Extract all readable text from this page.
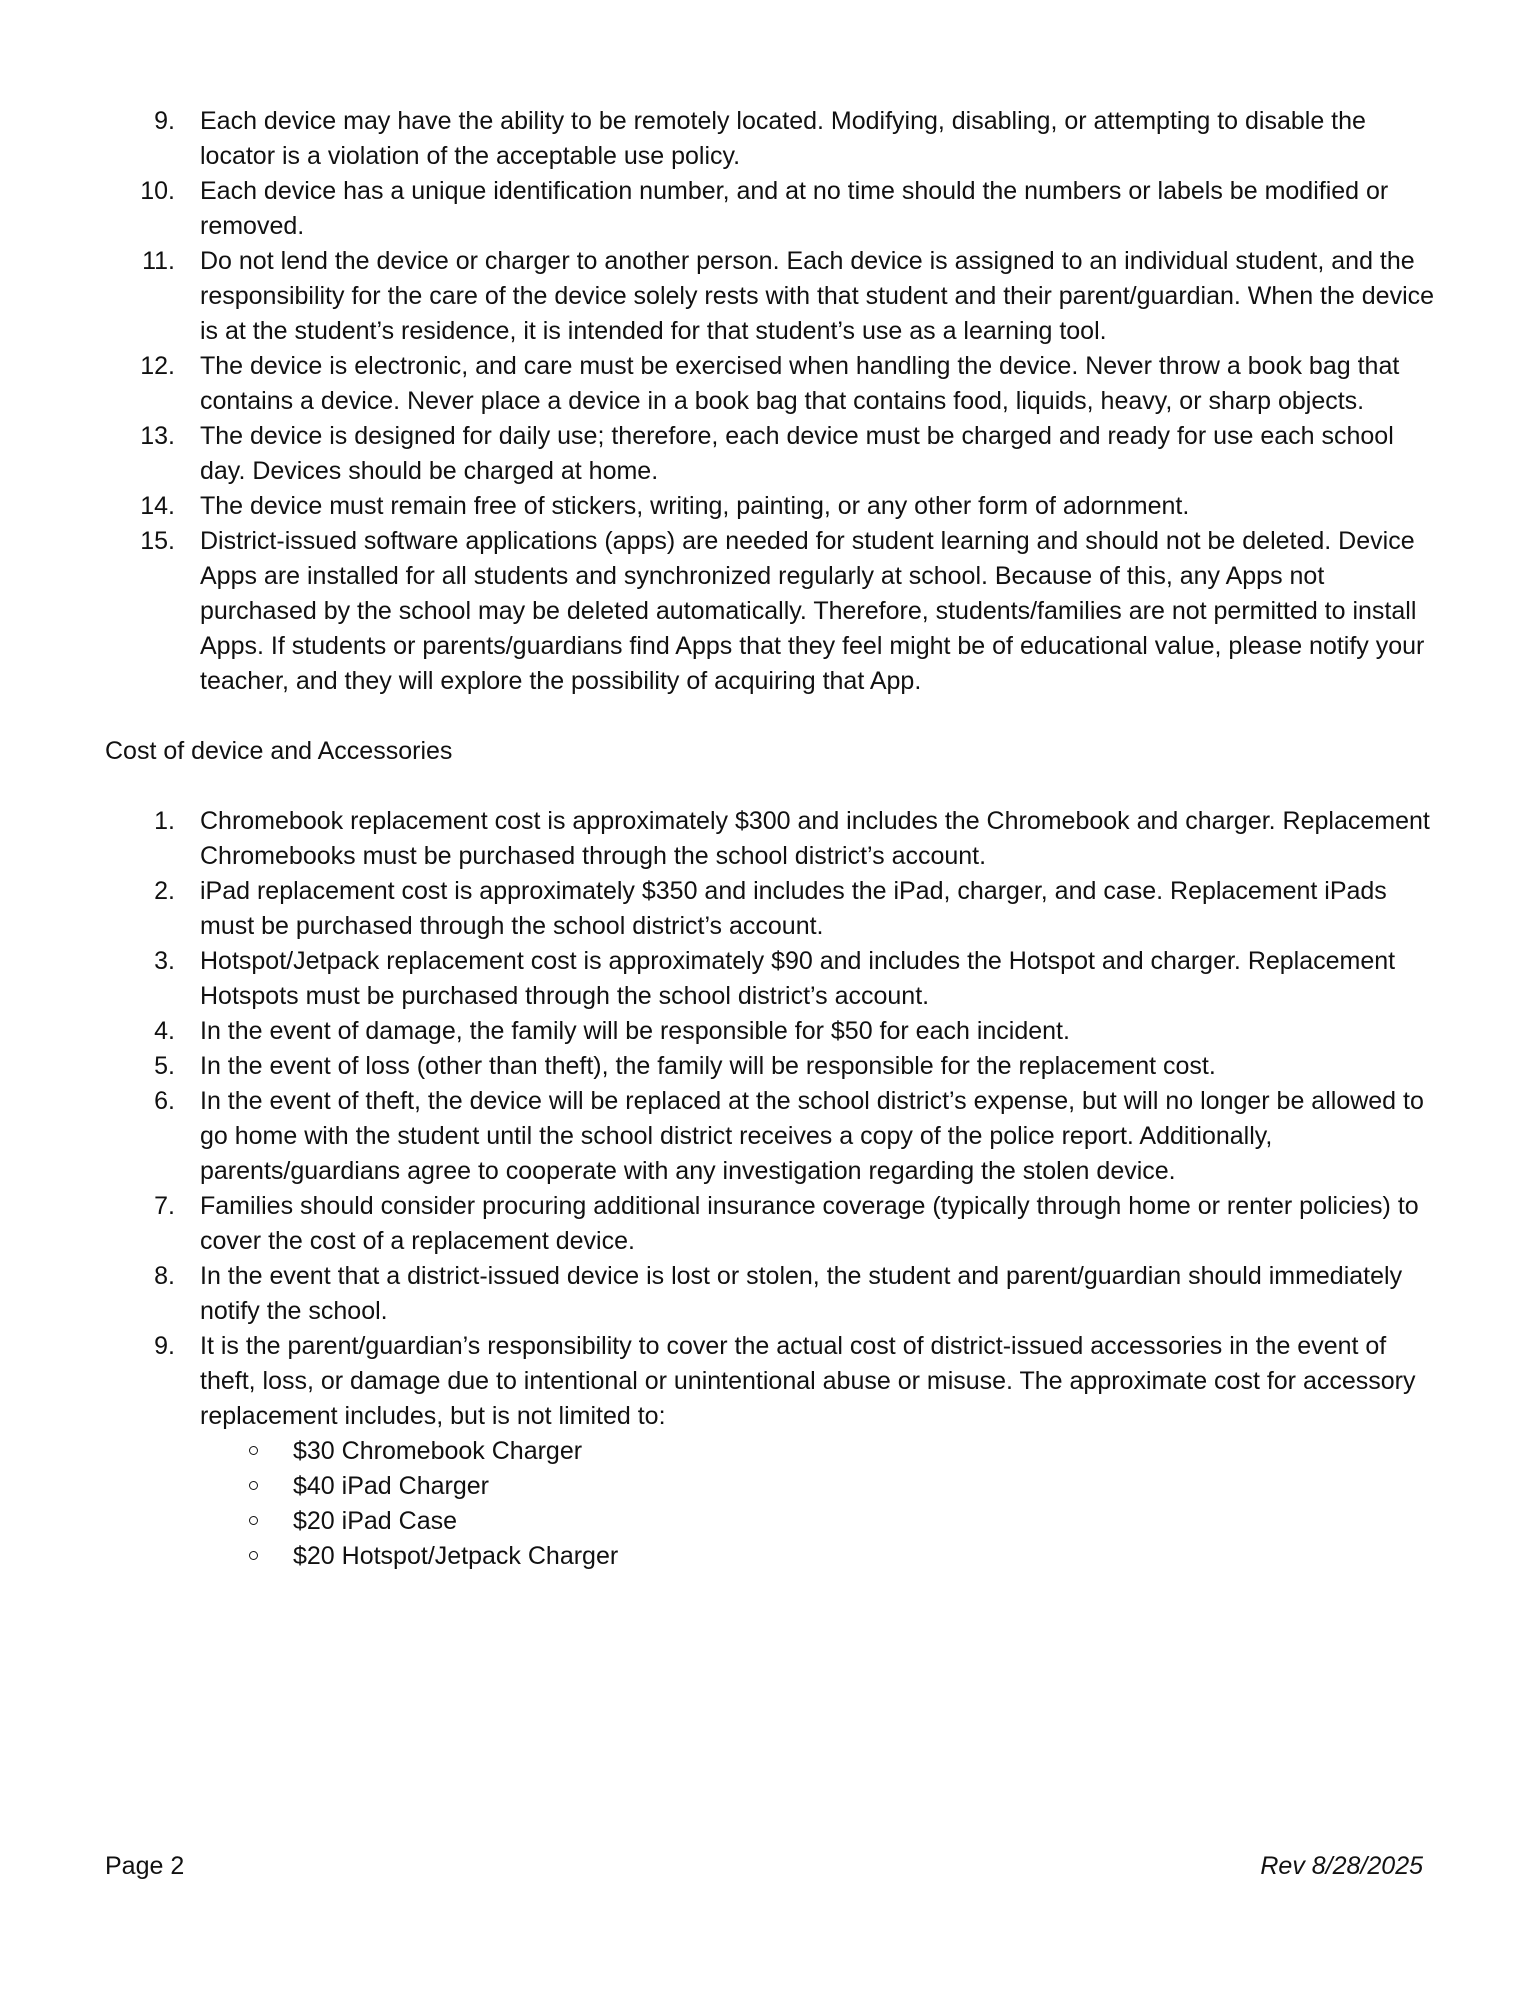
9. Each device may have the ability to be remotely located. Modifying, disabling, or attempting to disable the locator is a violation of the acceptable use policy.
10. Each device has a unique identification number, and at no time should the numbers or labels be modified or removed.
11. Do not lend the device or charger to another person. Each device is assigned to an individual student, and the responsibility for the care of the device solely rests with that student and their parent/guardian. When the device is at the student’s residence, it is intended for that student’s use as a learning tool.
12. The device is electronic, and care must be exercised when handling the device. Never throw a book bag that contains a device. Never place a device in a book bag that contains food, liquids, heavy, or sharp objects.
13. The device is designed for daily use; therefore, each device must be charged and ready for use each school day. Devices should be charged at home.
14. The device must remain free of stickers, writing, painting, or any other form of adornment.
15. District-issued software applications (apps) are needed for student learning and should not be deleted. Device Apps are installed for all students and synchronized regularly at school. Because of this, any Apps not purchased by the school may be deleted automatically. Therefore, students/families are not permitted to install Apps. If students or parents/guardians find Apps that they feel might be of educational value, please notify your teacher, and they will explore the possibility of acquiring that App.
Cost of device and Accessories
1. Chromebook replacement cost is approximately $300 and includes the Chromebook and charger. Replacement Chromebooks must be purchased through the school district’s account.
2. iPad replacement cost is approximately $350 and includes the iPad, charger, and case. Replacement iPads must be purchased through the school district’s account.
3. Hotspot/Jetpack replacement cost is approximately $90 and includes the Hotspot and charger. Replacement Hotspots must be purchased through the school district’s account.
4. In the event of damage, the family will be responsible for $50 for each incident.
5. In the event of loss (other than theft), the family will be responsible for the replacement cost.
6. In the event of theft, the device will be replaced at the school district’s expense, but will no longer be allowed to go home with the student until the school district receives a copy of the police report. Additionally, parents/guardians agree to cooperate with any investigation regarding the stolen device.
7. Families should consider procuring additional insurance coverage (typically through home or renter policies) to cover the cost of a replacement device.
8. In the event that a district-issued device is lost or stolen, the student and parent/guardian should immediately notify the school.
9. It is the parent/guardian’s responsibility to cover the actual cost of district-issued accessories in the event of theft, loss, or damage due to intentional or unintentional abuse or misuse. The approximate cost for accessory replacement includes, but is not limited to:
$30 Chromebook Charger
$40 iPad Charger
$20 iPad Case
$20 Hotspot/Jetpack Charger
Page 2	Rev 8/28/2025
